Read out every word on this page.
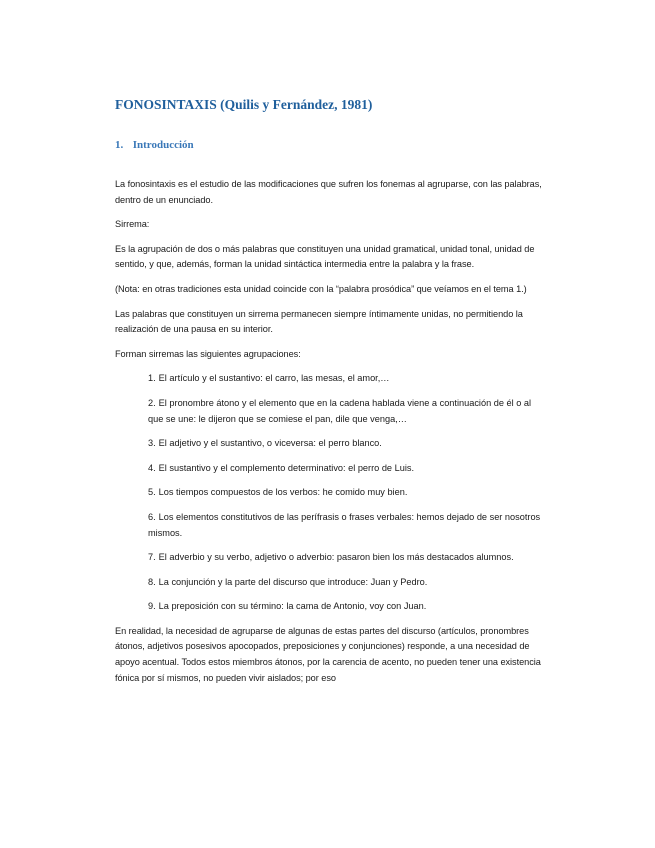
FONOSINTAXIS (Quilis y Fernández, 1981)
1. Introducción

La fonosintaxis es el estudio de las modificaciones que sufren los fonemas al agruparse, con las palabras, dentro de un enunciado.

Sirrema:

Es la agrupación de dos o más palabras que constituyen una unidad gramatical, unidad tonal, unidad de sentido, y que, además, forman la unidad sintáctica intermedia entre la palabra y la frase.

(Nota: en otras tradiciones esta unidad coincide con la “palabra prosódica” que veíamos en el tema 1.)

Las palabras que constituyen un sirrema permanecen siempre íntimamente unidas, no permitiendo la realización de una pausa en su interior.

Forman sirremas las siguientes agrupaciones:

1. El artículo y el sustantivo: el carro, las mesas, el amor,…
2. El pronombre átono y el elemento que en la cadena hablada viene a continuación de él o al que se une: le dijeron que se comiese el pan, dile que venga,…
3. El adjetivo y el sustantivo, o viceversa: el perro blanco.
4. El sustantivo y el complemento determinativo: el perro de Luis.
5. Los tiempos compuestos de los verbos: he comido muy bien.
6. Los elementos constitutivos de las perífrasis o frases verbales: hemos dejado de ser nosotros mismos.
7. El adverbio y su verbo, adjetivo o adverbio: pasaron bien los más destacados alumnos.
8. La conjunción y la parte del discurso que introduce: Juan y Pedro.
9. La preposición con su término: la cama de Antonio, voy con Juan.

En realidad, la necesidad de agruparse de algunas de estas partes del discurso (artículos, pronombres átonos, adjetivos posesivos apocopados, preposiciones y conjunciones) responde, a una necesidad de apoyo acentual. Todos estos miembros átonos, por la carencia de acento, no pueden tener una existencia fónica por sí mismos, no pueden vivir aislados; por eso
